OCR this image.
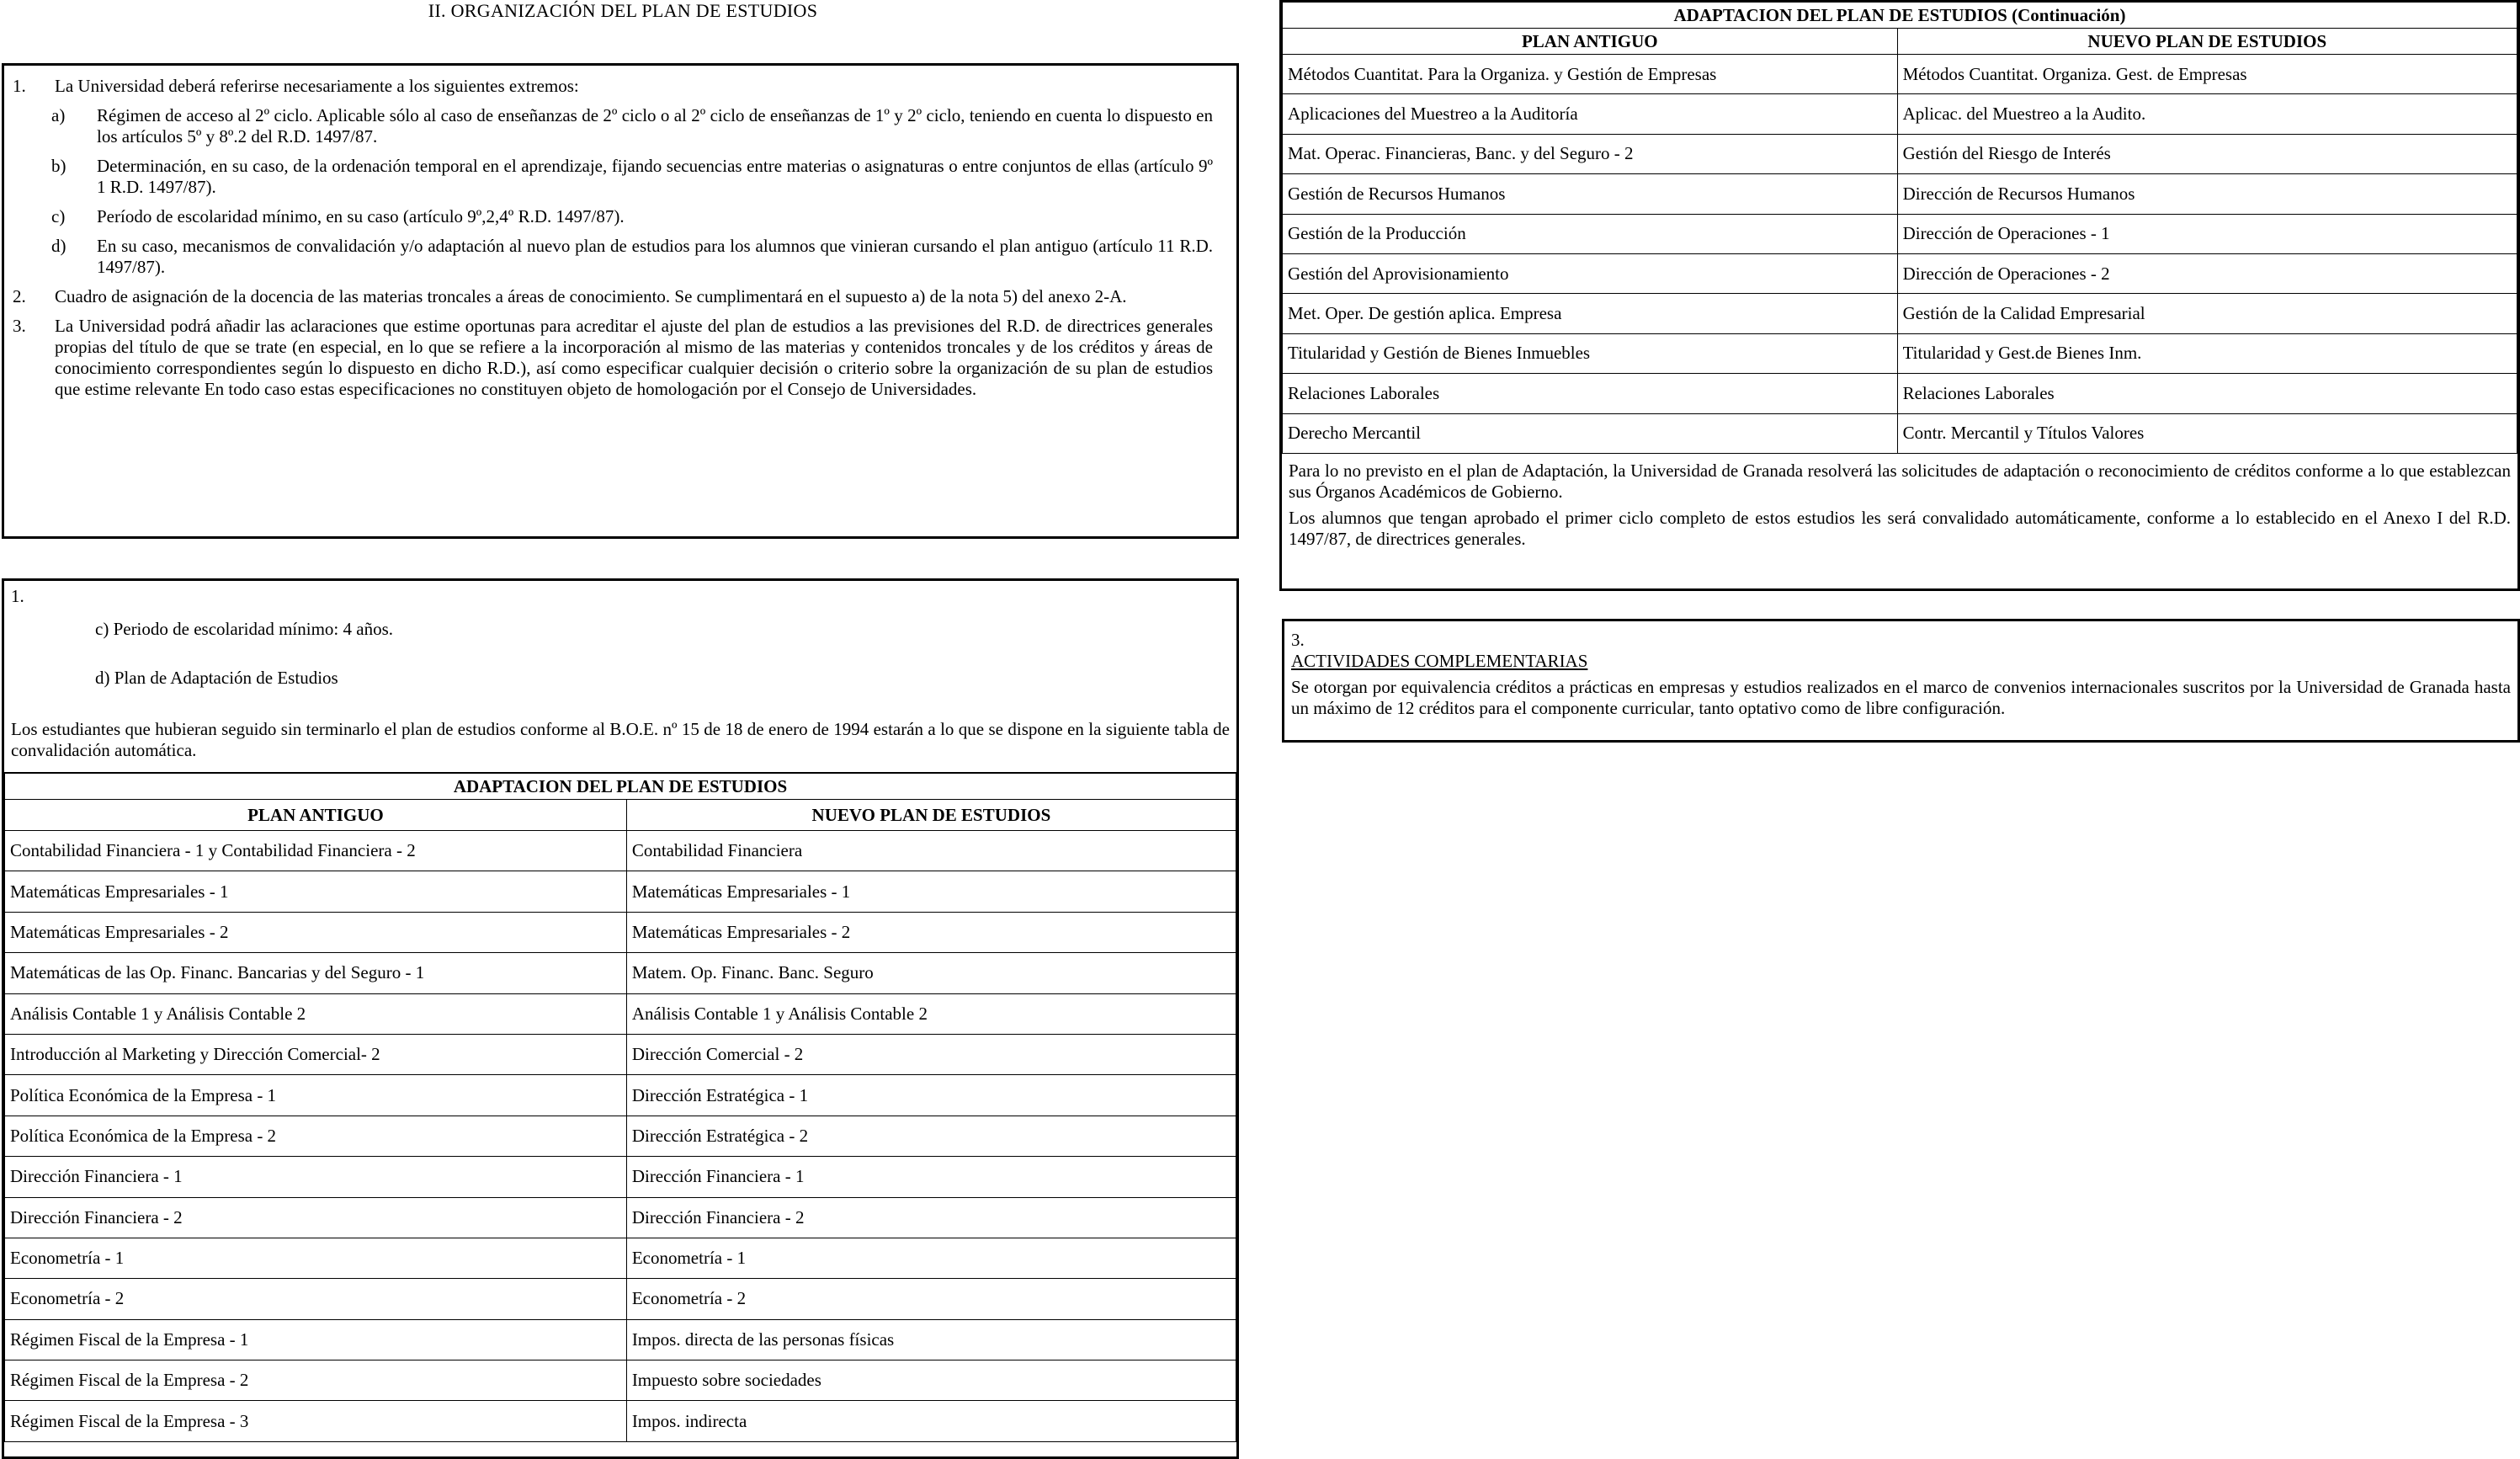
II. ORGANIZACIÓN DEL PLAN DE ESTUDIOS
1.	La Universidad deberá referirse necesariamente a los siguientes extremos:
a)	Régimen de acceso al 2º ciclo. Aplicable sólo al caso de enseñanzas de 2º ciclo o al 2º ciclo de enseñanzas de 1º y 2º ciclo, teniendo en cuenta lo dispuesto en los artículos 5º y 8º.2 del R.D. 1497/87.
b)	Determinación, en su caso, de la ordenación temporal en el aprendizaje, fijando secuencias entre materias o asignaturas o entre conjuntos de ellas (artículo 9º 1 R.D. 1497/87).
c)	Período de escolaridad mínimo, en su caso (artículo 9º,2,4º R.D. 1497/87).
d)	En su caso, mecanismos de convalidación y/o adaptación al nuevo plan de estudios para los alumnos que vinieran cursando el plan antiguo (artículo 11 R.D. 1497/87).
2.	Cuadro de asignación de la docencia de las materias troncales a áreas de conocimiento. Se cumplimentará en el supuesto a) de la nota 5) del anexo 2-A.
3.	La Universidad podrá añadir las aclaraciones que estime oportunas para acreditar el ajuste del plan de estudios a las previsiones del R.D. de directrices generales propias del título de que se trate (en especial, en lo que se refiere a la incorporación al mismo de las materias y contenidos troncales y de los créditos y áreas de conocimiento correspondientes según lo dispuesto en dicho R.D.), así como especificar cualquier decisión o criterio sobre la organización de su plan de estudios que estime relevante En todo caso estas especificaciones no constituyen objeto de homologación por el Consejo de Universidades.
1.
c) Periodo de escolaridad mínimo: 4 años.
d) Plan de Adaptación de Estudios
Los estudiantes que hubieran seguido sin terminarlo el plan de estudios conforme al B.O.E. nº 15 de 18 de enero de 1994 estarán a lo que se dispone en la siguiente tabla de convalidación automática.
ADAPTACION DEL PLAN DE ESTUDIOS	
PLAN ANTIGUO	NUEVO PLAN DE ESTUDIOS
Contabilidad Financiera - 1 y Contabilidad Financiera - 2	Contabilidad Financiera
Matemáticas Empresariales - 1	Matemáticas Empresariales - 1
Matemáticas Empresariales - 2	Matemáticas Empresariales - 2
Matemáticas de las Op. Financ. Bancarias y del Seguro - 1	Matem. Op. Financ. Banc. Seguro
Análisis Contable 1 y Análisis Contable 2	Análisis Contable 1 y Análisis Contable 2
Introducción al Marketing y Dirección Comercial- 2	Dirección Comercial - 2
Política Económica de la Empresa - 1	Dirección Estratégica - 1
Política Económica de la Empresa - 2	Dirección Estratégica - 2
Dirección Financiera - 1	Dirección Financiera - 1
Dirección Financiera - 2	Dirección Financiera - 2
Econometría - 1	Econometría - 1
Econometría - 2	Econometría - 2
Régimen Fiscal de la Empresa - 1	Impos. directa de las personas físicas
Régimen Fiscal de la Empresa - 2	Impuesto sobre sociedades
Régimen Fiscal de la Empresa - 3	Impos. indirecta
ADAPTACION DEL PLAN DE ESTUDIOS (Continuación)	
PLAN ANTIGUO	NUEVO PLAN DE ESTUDIOS
Métodos Cuantitat. Para la Organiza. y Gestión de Empresas	Métodos Cuantitat. Organiza. Gest. de Empresas
Aplicaciones del Muestreo a la Auditoría	Aplicac. del Muestreo a la Audito.
Mat. Operac. Financieras, Banc. y del Seguro - 2	Gestión del Riesgo de Interés
Gestión de Recursos Humanos	Dirección de Recursos Humanos
Gestión de la Producción	Dirección de Operaciones - 1
Gestión del Aprovisionamiento	Dirección de Operaciones - 2
Met. Oper. De gestión aplica. Empresa	Gestión de la Calidad Empresarial
Titularidad y Gestión de Bienes Inmuebles	Titularidad y Gest.de Bienes Inm.
Relaciones Laborales	Relaciones Laborales
Derecho Mercantil	Contr. Mercantil y Títulos Valores
Para lo no previsto en el plan de Adaptación, la Universidad de Granada resolverá las solicitudes de adaptación o reconocimiento de créditos conforme a lo que establezcan sus Órganos Académicos de Gobierno.
Los alumnos que tengan aprobado el primer ciclo completo de estos estudios les será convalidado automáticamente, conforme a lo establecido en el Anexo I del R.D. 1497/87, de directrices generales.
3.
ACTIVIDADES COMPLEMENTARIAS
Se otorgan por equivalencia créditos a prácticas en empresas y estudios realizados en el marco de convenios internacionales suscritos por la Universidad de Granada hasta un máximo de 12 créditos para el componente curricular, tanto optativo como de libre configuración.
